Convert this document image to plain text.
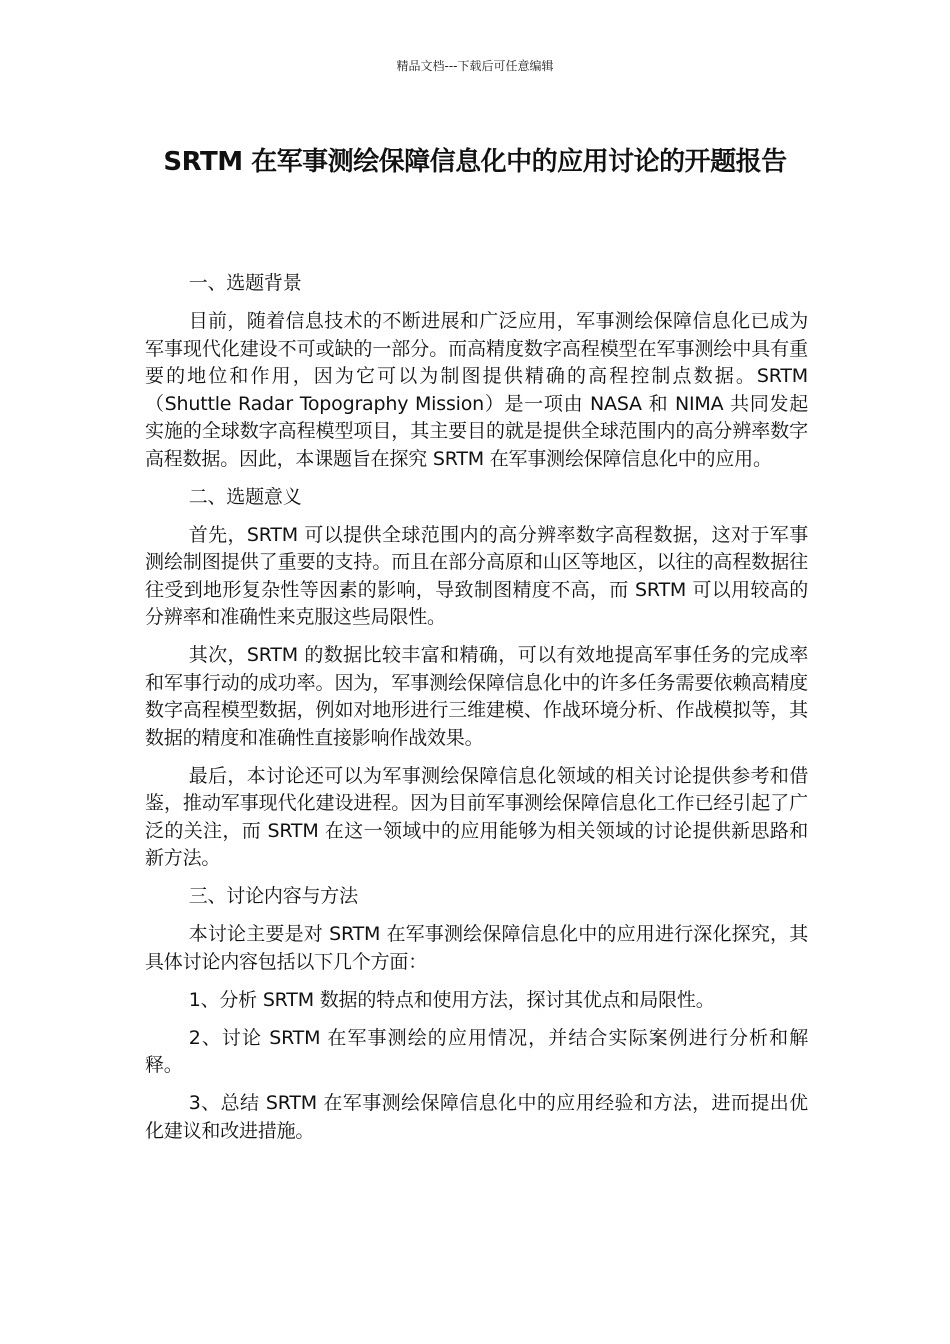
精品文档---下载后可任意编辑
SRTM 在军事测绘保障信息化中的应用讨论的开题报告

一、选题背景

目前，随着信息技术的不断进展和广泛应用，军事测绘保障信息化已成为军事现代化建设不可或缺的一部分。而高精度数字高程模型在军事测绘中具有重要的地位和作用，因为它可以为制图提供精确的高程控制点数据。SRTM（Shuttle Radar Topography Mission）是一项由 NASA 和 NIMA 共同发起实施的全球数字高程模型项目，其主要目的就是提供全球范围内的高分辨率数字高程数据。因此，本课题旨在探究 SRTM 在军事测绘保障信息化中的应用。

二、选题意义

首先，SRTM 可以提供全球范围内的高分辨率数字高程数据，这对于军事测绘制图提供了重要的支持。而且在部分高原和山区等地区，以往的高程数据往往受到地形复杂性等因素的影响，导致制图精度不高，而 SRTM 可以用较高的分辨率和准确性来克服这些局限性。

其次，SRTM 的数据比较丰富和精确，可以有效地提高军事任务的完成率和军事行动的成功率。因为，军事测绘保障信息化中的许多任务需要依赖高精度数字高程模型数据，例如对地形进行三维建模、作战环境分析、作战模拟等，其数据的精度和准确性直接影响作战效果。

最后，本讨论还可以为军事测绘保障信息化领域的相关讨论提供参考和借鉴，推动军事现代化建设进程。因为目前军事测绘保障信息化工作已经引起了广泛的关注，而 SRTM 在这一领域中的应用能够为相关领域的讨论提供新思路和新方法。

三、讨论内容与方法

本讨论主要是对 SRTM 在军事测绘保障信息化中的应用进行深化探究，其具体讨论内容包括以下几个方面：

1、分析 SRTM 数据的特点和使用方法，探讨其优点和局限性。

2、讨论 SRTM 在军事测绘的应用情况，并结合实际案例进行分析和解释。

3、总结 SRTM 在军事测绘保障信息化中的应用经验和方法，进而提出优化建议和改进措施。
